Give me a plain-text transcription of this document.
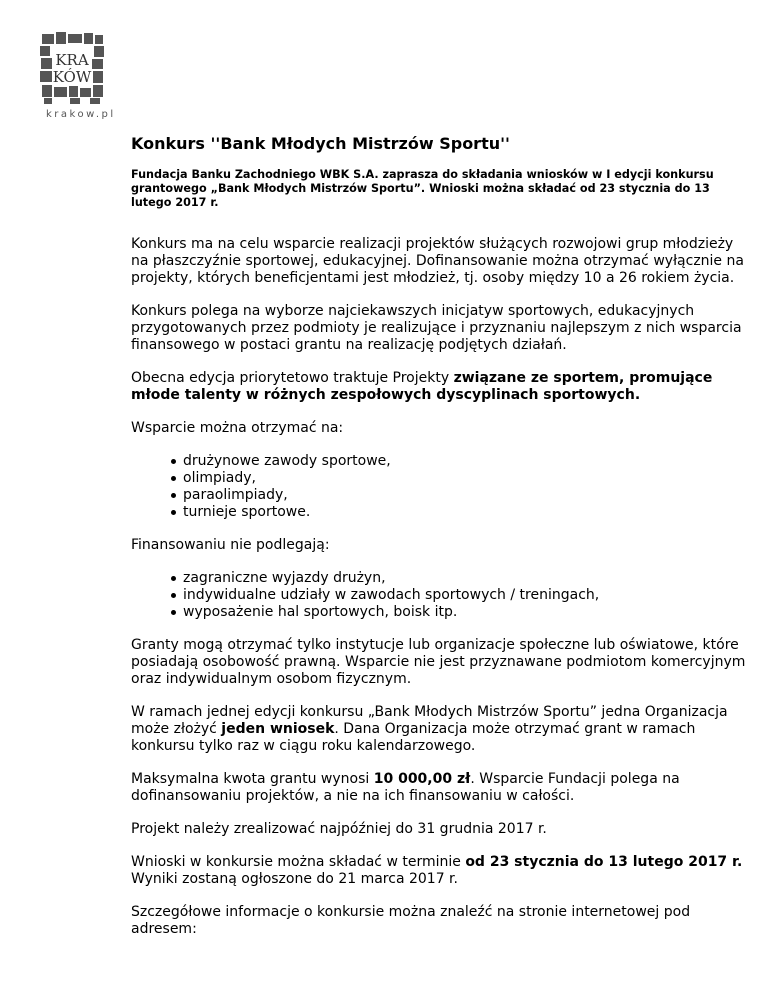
KRA
KÓW
krakow.pl
Konkurs ''Bank Młodych Mistrzów Sportu''

Fundacja Banku Zachodniego WBK S.A. zaprasza do składania wniosków w I edycji konkursu grantowego „Bank Młodych Mistrzów Sportu”. Wnioski można składać od 23 stycznia do 13 lutego 2017 r.

Konkurs ma na celu wsparcie realizacji projektów służących rozwojowi grup młodzieży na płaszczyźnie sportowej, edukacyjnej. Dofinansowanie można otrzymać wyłącznie na projekty, których beneficjentami jest młodzież, tj. osoby między 10 a 26 rokiem życia.

Konkurs polega na wyborze najciekawszych inicjatyw sportowych, edukacyjnych przygotowanych przez podmioty je realizujące i przyznaniu najlepszym z nich wsparcia finansowego w postaci grantu na realizację podjętych działań.

Obecna edycja priorytetowo traktuje Projekty związane ze sportem, promujące młode talenty w różnych zespołowych dyscyplinach sportowych.

Wsparcie można otrzymać na:

drużynowe zawody sportowe,
olimpiady,
paraolimpiady,
turnieje sportowe.

Finansowaniu nie podlegają:

zagraniczne wyjazdy drużyn,
indywidualne udziały w zawodach sportowych / treningach,
wyposażenie hal sportowych, boisk itp.

Granty mogą otrzymać tylko instytucje lub organizacje społeczne lub oświatowe, które posiadają osobowość prawną. Wsparcie nie jest przyznawane podmiotom komercyjnym oraz indywidualnym osobom fizycznym.

W ramach jednej edycji konkursu „Bank Młodych Mistrzów Sportu” jedna Organizacja może złożyć jeden wniosek. Dana Organizacja może otrzymać grant w ramach konkursu tylko raz w ciągu roku kalendarzowego.

Maksymalna kwota grantu wynosi 10 000,00 zł. Wsparcie Fundacji polega na dofinansowaniu projektów, a nie na ich finansowaniu w całości.

Projekt należy zrealizować najpóźniej do 31 grudnia 2017 r.

Wnioski w konkursie można składać w terminie od 23 stycznia do 13 lutego 2017 r. Wyniki zostaną ogłoszone do 21 marca 2017 r.

Szczegółowe informacje o konkursie można znaleźć na stronie internetowej pod adresem:
